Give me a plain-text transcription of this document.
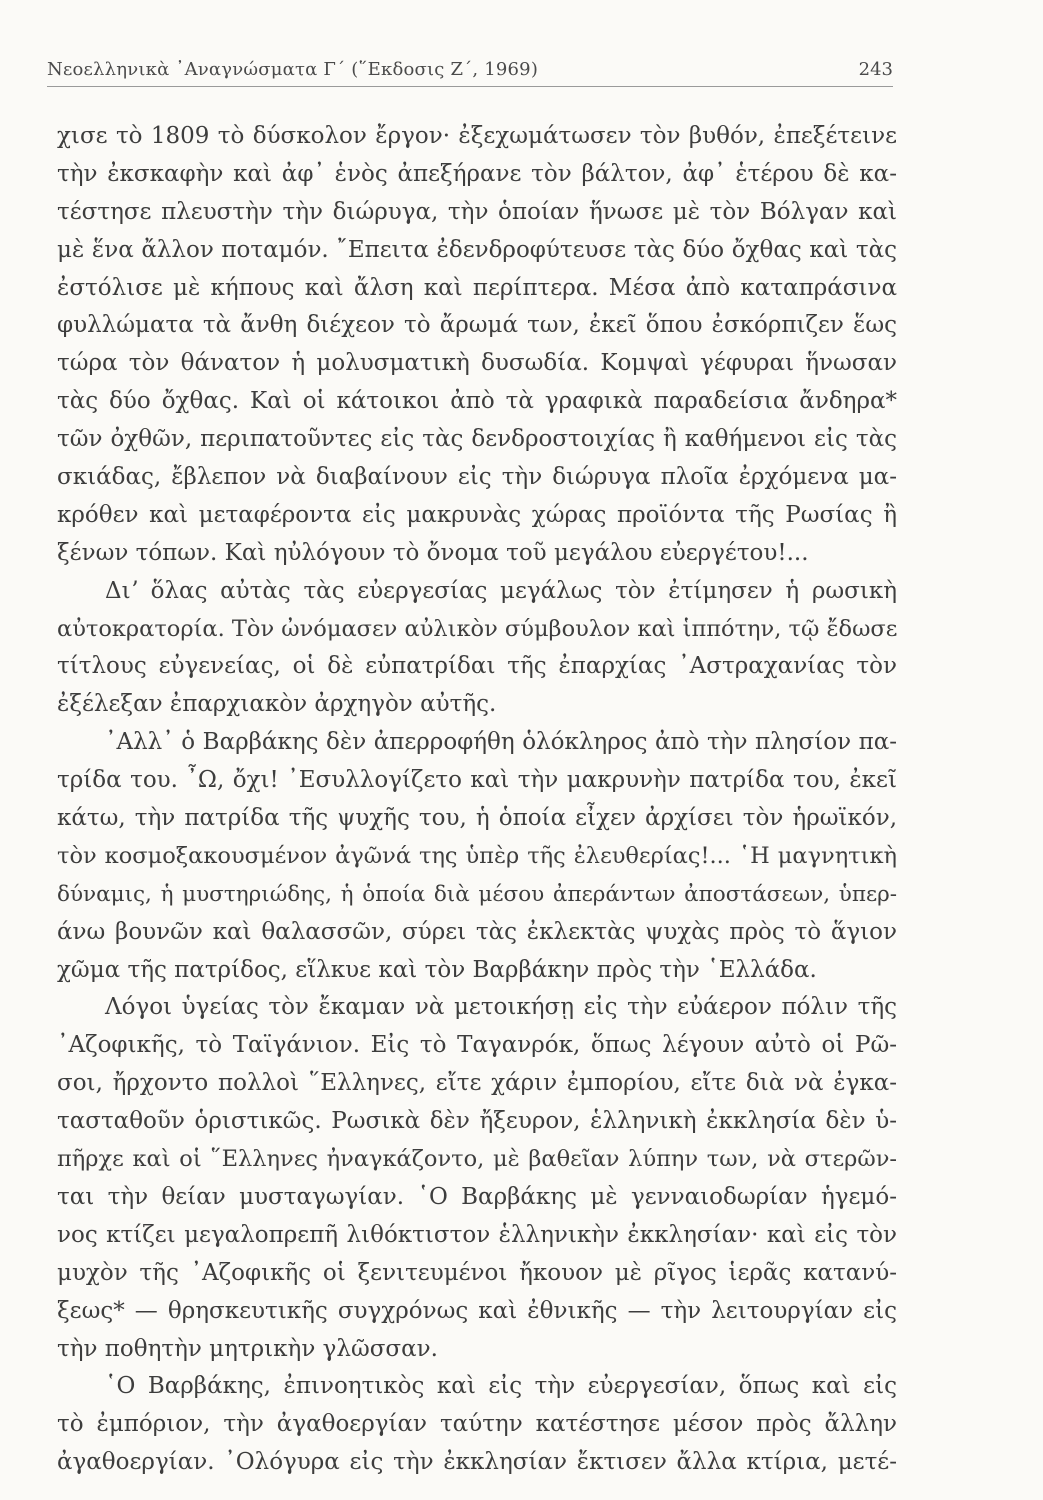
Νεοελληνικὰ ᾿Αναγνώσματα Γ΄ (῞Εκδοσις Ζ΄, 1969)	243
χισε τὸ 1809 τὸ δύσκολον ἔργον· ἐξεχωμάτωσεν τὸν βυθόν, ἐπεξέτεινε
τὴν ἐκσκαφὴν καὶ ἀφ᾿ ἑνὸς ἀπεξήρανε τὸν βάλτον, ἀφ᾿ ἑτέρου δὲ κα-
τέστησε πλευστὴν τὴν διώρυγα, τὴν ὁποίαν ἥνωσε μὲ τὸν Βόλγαν καὶ
μὲ ἕνα ἄλλον ποταμόν. ῎Επειτα ἐδενδροφύτευσε τὰς δύο ὄχθας καὶ τὰς
ἐστόλισε μὲ κήπους καὶ ἄλση καὶ περίπτερα. Μέσα ἀπὸ καταπράσινα
φυλλώματα τὰ ἄνθη διέχεον τὸ ἄρωμά των, ἐκεῖ ὅπου ἐσκόρπιζεν ἕως
τώρα τὸν θάνατον ἡ μολυσματικὴ δυσωδία. Κομψαὶ γέφυραι ἥνωσαν
τὰς δύο ὄχθας. Καὶ οἱ κάτοικοι ἀπὸ τὰ γραφικὰ παραδείσια ἄνδηρα*
τῶν ὀχθῶν, περιπατοῦντες εἰς τὰς δενδροστοιχίας ἢ καθήμενοι εἰς τὰς
σκιάδας, ἔβλεπον νὰ διαβαίνουν εἰς τὴν διώρυγα πλοῖα ἐρχόμενα μα-
κρόθεν καὶ μεταφέροντα εἰς μακρυνὰς χώρας προϊόντα τῆς Ρωσίας ἢ
ξένων τόπων. Καὶ ηὐλόγουν τὸ ὄνομα τοῦ μεγάλου εὐεργέτου!...
Διʼ ὅλας αὐτὰς τὰς εὐεργεσίας μεγάλως τὸν ἐτίμησεν ἡ ρωσικὴ
αὐτοκρατορία. Τὸν ὠνόμασεν αὐλικὸν σύμβουλον καὶ ἱππότην, τῷ ἔδωσε
τίτλους εὐγενείας, οἱ δὲ εὐπατρίδαι τῆς ἐπαρχίας ᾿Αστραχανίας τὸν
ἐξέλεξαν ἐπαρχιακὸν ἀρχηγὸν αὐτῆς.
᾿Αλλ᾿ ὁ Βαρβάκης δὲν ἀπερροφήθη ὁλόκληρος ἀπὸ τὴν πλησίον πα-
τρίδα του. ῏Ω, ὄχι! ᾿Εσυλλογίζετο καὶ τὴν μακρυνὴν πατρίδα του, ἐκεῖ
κάτω, τὴν πατρίδα τῆς ψυχῆς του, ἡ ὁποία εἶχεν ἀρχίσει τὸν ἡρωϊκόν,
τὸν κοσμοξακουσμένον ἀγῶνά της ὑπὲρ τῆς ἐλευθερίας!... ῾Η μαγνητικὴ
δύναμις, ἡ μυστηριώδης, ἡ ὁποία διὰ μέσου ἀπεράντων ἀποστάσεων, ὑπερ-
άνω βουνῶν καὶ θαλασσῶν, σύρει τὰς ἐκλεκτὰς ψυχὰς πρὸς τὸ ἅγιον
χῶμα τῆς πατρίδος, εἵλκυε καὶ τὸν Βαρβάκην πρὸς τὴν ῾Ελλάδα.
Λόγοι ὑγείας τὸν ἔκαμαν νὰ μετοικήσῃ εἰς τὴν εὐάερον πόλιν τῆς
᾿Αζοφικῆς, τὸ Ταϊγάνιον. Εἰς τὸ Ταγανρόκ, ὅπως λέγουν αὐτὸ οἱ Ρῶ-
σοι, ἤρχοντο πολλοὶ ῞Ελληνες, εἴτε χάριν ἐμπορίου, εἴτε διὰ νὰ ἐγκα-
τασταθοῦν ὁριστικῶς. Ρωσικὰ δὲν ἤξευρον, ἑλληνικὴ ἐκκλησία δὲν ὑ-
πῆρχε καὶ οἱ ῞Ελληνες ἠναγκάζοντο, μὲ βαθεῖαν λύπην των, νὰ στερῶν-
ται τὴν θείαν μυσταγωγίαν. ῾Ο Βαρβάκης μὲ γενναιοδωρίαν ἡγεμό-
νος κτίζει μεγαλοπρεπῆ λιθόκτιστον ἑλληνικὴν ἐκκλησίαν· καὶ εἰς τὸν
μυχὸν τῆς ᾿Αζοφικῆς οἱ ξενιτευμένοι ἤκουον μὲ ρῖγος ἱερᾶς κατανύ-
ξεως* — θρησκευτικῆς συγχρόνως καὶ ἐθνικῆς — τὴν λειτουργίαν εἰς
τὴν ποθητὴν μητρικὴν γλῶσσαν.
῾Ο Βαρβάκης, ἐπινοητικὸς καὶ εἰς τὴν εὐεργεσίαν, ὅπως καὶ εἰς
τὸ ἐμπόριον, τὴν ἀγαθοεργίαν ταύτην κατέστησε μέσον πρὸς ἄλλην
ἀγαθοεργίαν. ᾿Ολόγυρα εἰς τὴν ἐκκλησίαν ἔκτισεν ἄλλα κτίρια, μετέ-
